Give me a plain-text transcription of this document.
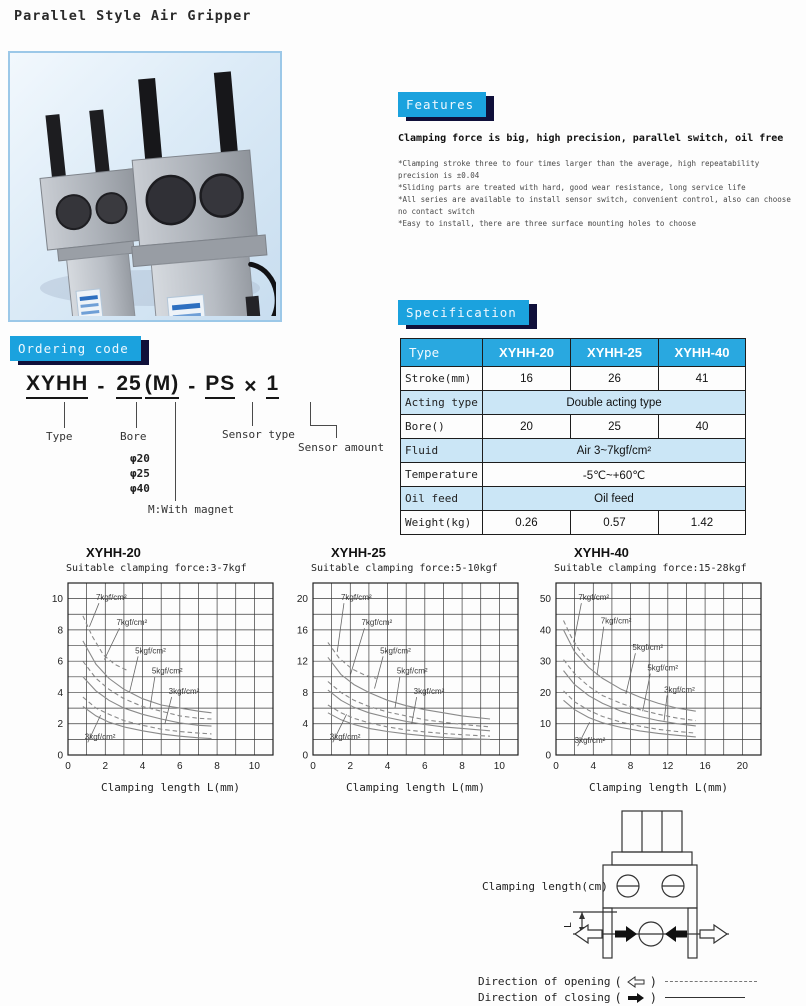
Parallel Style Air Gripper
Features
Clamping force is big, high precision, parallel switch, oil free
*Clamping stroke three to four times larger than the average, high repeatability
precision is ±0.04
*Sliding parts are treated with hard, good wear resistance, long service life
*All series are available to install sensor switch, convenient control, also can choose
no contact switch
*Easy to install, there are three surface mounting holes to choose
Ordering code
XYHH - 25 (M) - PS × 1
Type	Bore	Sensor type
Sensor amount
φ20
φ25
φ40
M:With magnet
Specification
Type	XYHH-20	XYHH-25	XYHH-40
Stroke(mm)	16	26	41
Acting type	Double acting type		
Bore()	20	25	40
Fluid	Air 3~7kgf/cm²		
Temperature	-5℃~+60℃		
Oil feed	Oil feed		
Weight(kg)	0.26	0.57	1.42
XYHH-20
Suitable clamping force:3-7kgf
0
2
4
6
8
10
0	2	4	6	8	10
7kgf/cm²
7kgf/cm²
5kgf/cm²
5kgf/cm²
3kgf/cm²
3kgf/cm²
Clamping length L(mm)
XYHH-25
Suitable clamping force:5-10kgf
0
4
8
12
16
20
0	2	4	6	8	10
7kgf/cm²
7kgf/cm²
5kgf/cm²
5kgf/cm²
3kgf/cm²
3kgf/cm²
Clamping length L(mm)
XYHH-40
Suitable clamping force:15-28kgf
0
10
20
30
40
50
0	4	8	12	16	20
7kgf/cm²
7kgf/cm²
5kgf/cm²
5kgf/cm²
3kgf/cm²
3kgf/cm²
Clamping length L(mm)
L
Clamping length(cm)
Direction of opening ( )
Direction of closing ( )
